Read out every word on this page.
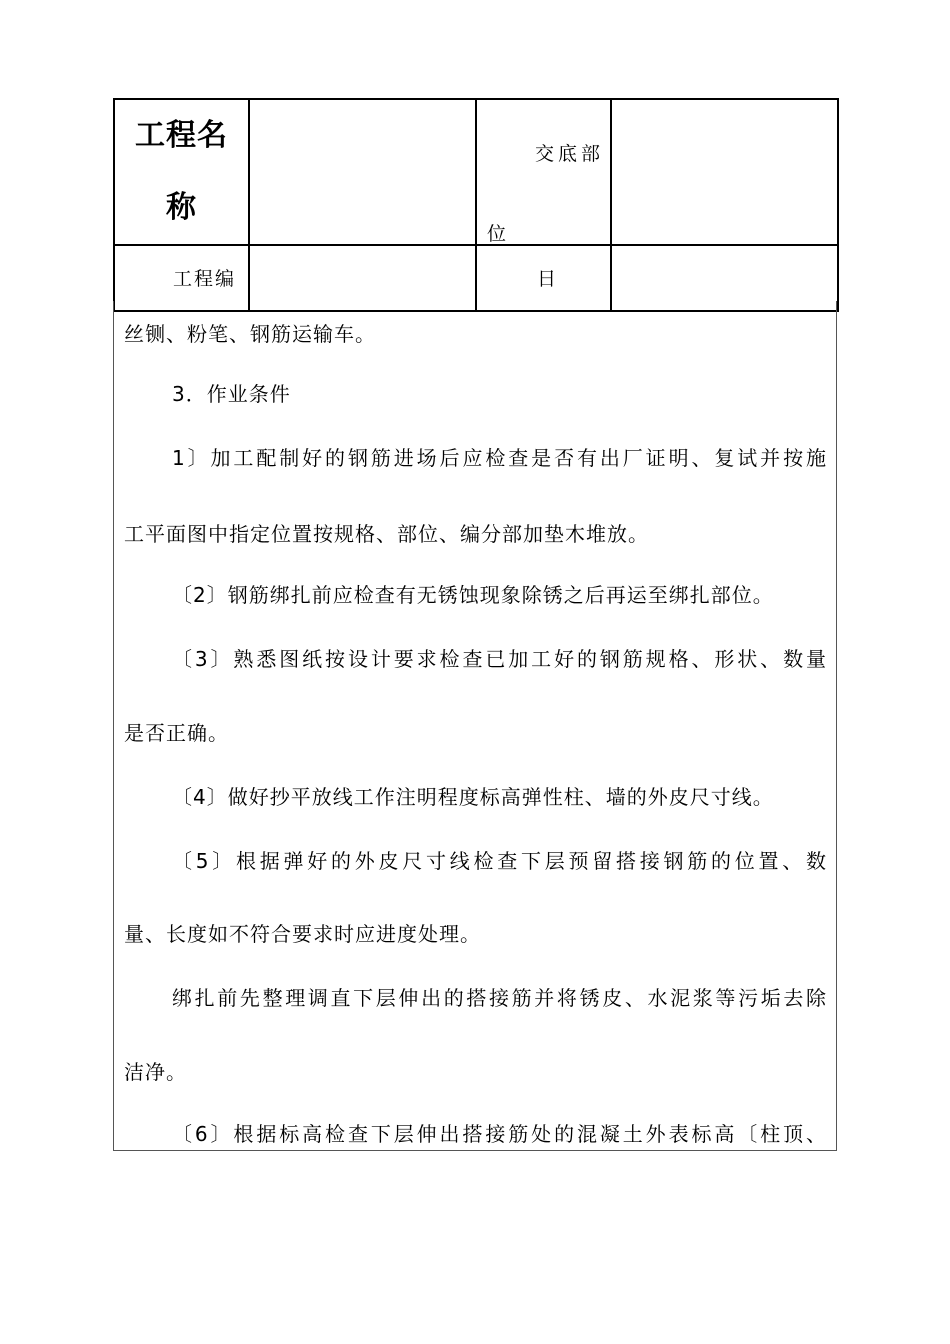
工程名称		交底部位	

工程编		日	

丝铡、粉笔、钢筋运输车。
3．作业条件
1〕加工配制好的钢筋进场后应检查是否有出厂证明、复试并按施
工平面图中指定位置按规格、部位、编分部加垫木堆放。
〔2〕钢筋绑扎前应检查有无锈蚀现象除锈之后再运至绑扎部位。
〔3〕熟悉图纸按设计要求检查已加工好的钢筋规格、形状、数量
是否正确。
〔4〕做好抄平放线工作注明程度标高弹性柱、墙的外皮尺寸线。
〔5〕根据弹好的外皮尺寸线检查下层预留搭接钢筋的位置、数
量、长度如不符合要求时应进度处理。
绑扎前先整理调直下层伸出的搭接筋并将锈皮、水泥浆等污垢去除
洁净。
〔6〕根据标高检查下层伸出搭接筋处的混凝土外表标高〔柱顶、
